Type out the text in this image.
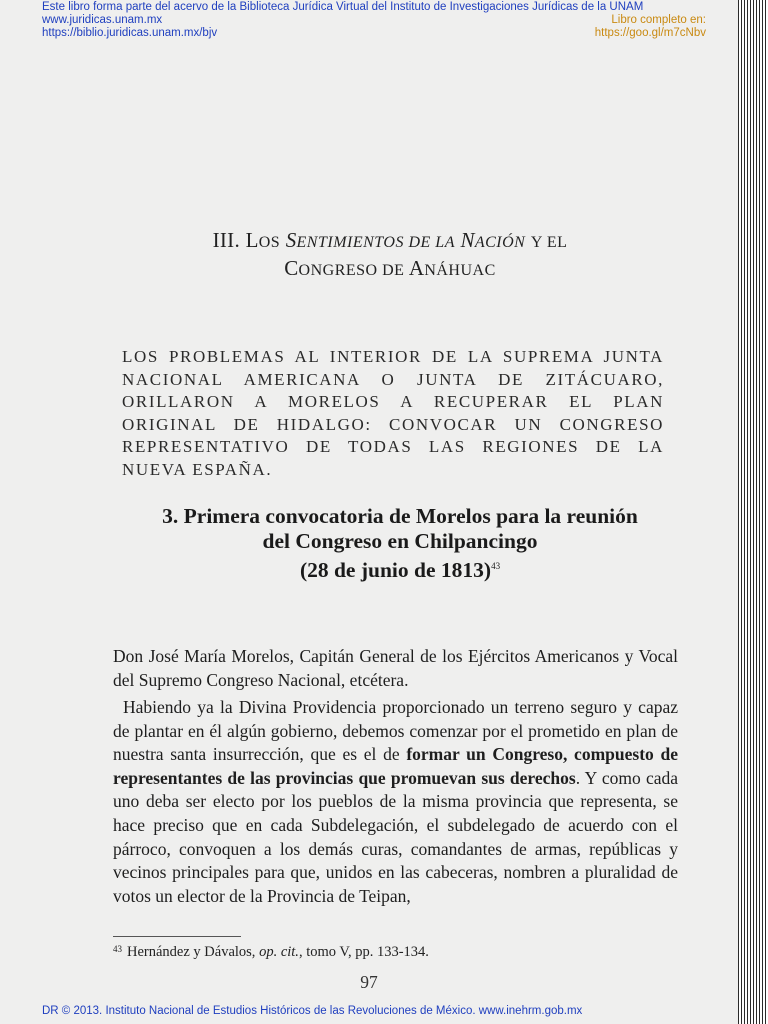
Este libro forma parte del acervo de la Biblioteca Jurídica Virtual del Instituto de Investigaciones Jurídicas de la UNAM
www.juridicas.unam.mx
https://biblio.juridicas.unam.mx/bjv
Libro completo en:
https://goo.gl/m7cNbv
III. LOS SENTIMIENTOS DE LA NACIÓN Y EL
CONGRESO DE ANÁHUAC
LOS PROBLEMAS AL INTERIOR DE LA SUPREMA JUNTA NACIONAL AMERICANA O JUNTA DE ZITÁCUARO, ORILLARON A MORELOS A RECUPERAR EL PLAN ORIGINAL DE HIDALGO: CONVOCAR UN CONGRESO REPRESENTATIVO DE TODAS LAS REGIONES DE LA NUEVA ESPAÑA.
3. Primera convocatoria de Morelos para la reunión
del Congreso en Chilpancingo
(28 de junio de 1813)$^{43}$
Don José María Morelos, Capitán General de los Ejércitos Americanos y Vocal del Supremo Congreso Nacional, etcétera.
Habiendo ya la Divina Providencia proporcionado un terreno seguro y capaz de plantar en él algún gobierno, debemos comenzar por el prometido en plan de nuestra santa insurrección, que es el de formar un Congreso, compuesto de representantes de las provincias que promuevan sus derechos. Y como cada uno deba ser electo por los pueblos de la misma provincia que representa, se hace preciso que en cada Subdelegación, el subdelegado de acuerdo con el párroco, convoquen a los demás curas, comandantes de armas, repúblicas y vecinos principales para que, unidos en las cabeceras, nombren a pluralidad de votos un elector de la Provincia de Teipan,
$^{43}$ Hernández y Dávalos, op. cit., tomo V, pp. 133-134.
97
DR © 2013. Instituto Nacional de Estudios Históricos de las Revoluciones de México. www.inehrm.gob.mx
